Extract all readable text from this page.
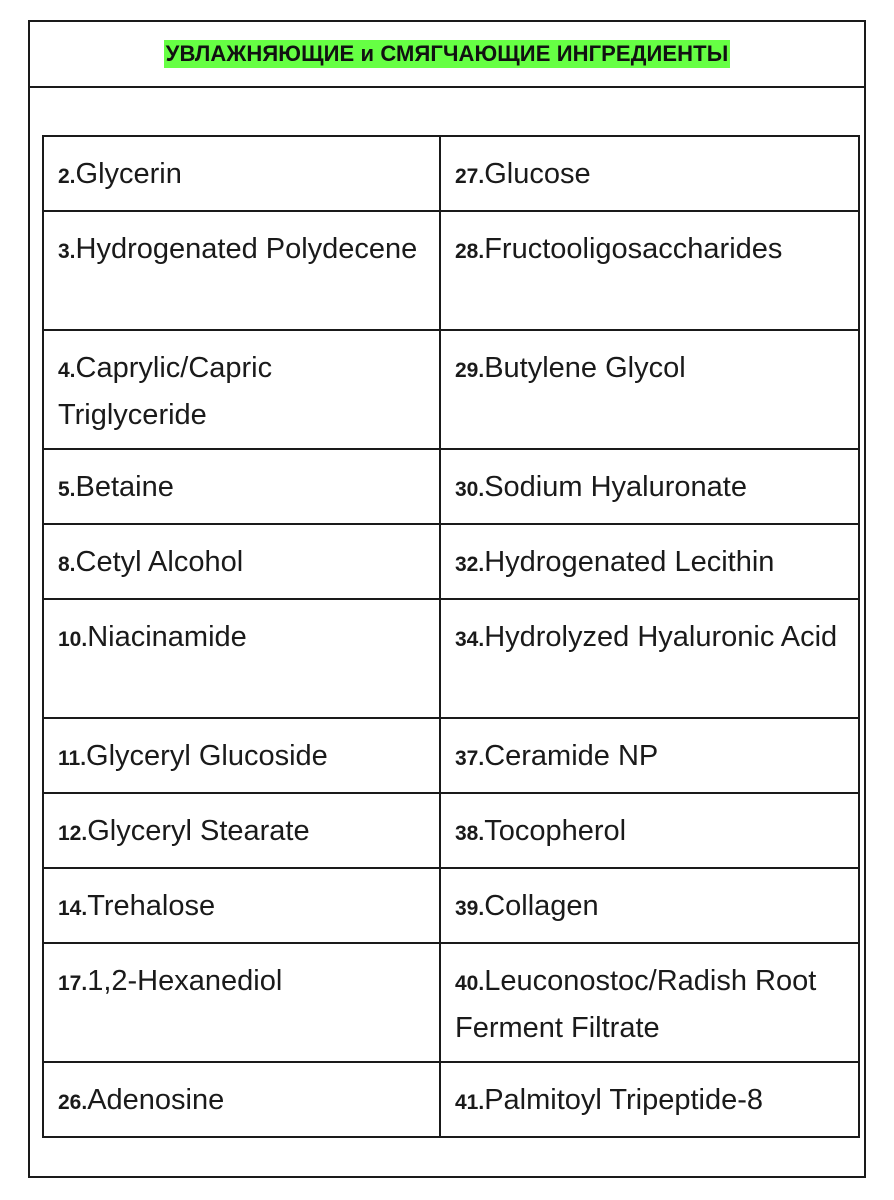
УВЛАЖНЯЮЩИЕ и СМЯГЧАЮЩИЕ ИНГРЕДИЕНТЫ
2.Glycerin	27.Glucose
3.Hydrogenated Polydecene	28.Fructooligosaccharides
4.Caprylic/Capric Triglyceride	29.Butylene Glycol
5.Betaine	30.Sodium Hyaluronate
8.Cetyl Alcohol	32.Hydrogenated Lecithin
10.Niacinamide	34.Hydrolyzed Hyaluronic Acid
11.Glyceryl Glucoside	37.Ceramide NP
12.Glyceryl Stearate	38.Tocopherol
14.Trehalose	39.Collagen
17.1,2-Hexanediol	40.Leuconostoc/Radish Root Ferment Filtrate
26.Adenosine	41.Palmitoyl Tripeptide-8
